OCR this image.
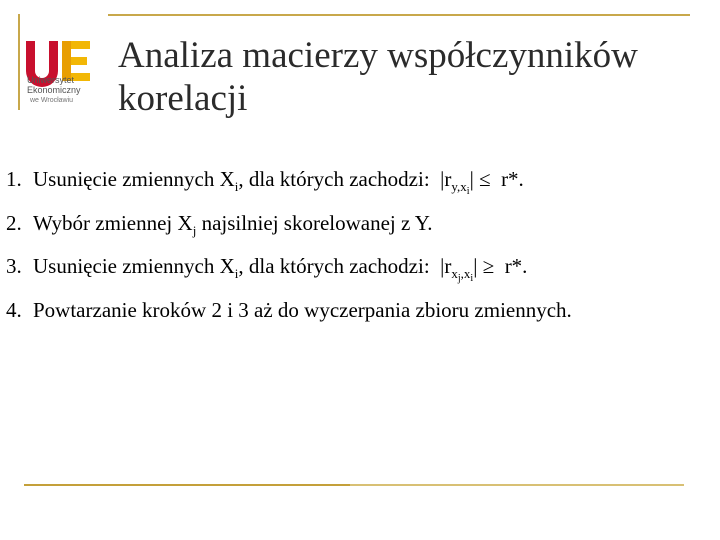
Uniwersytet
Ekonomiczny
we Wrocławiu
Analiza macierzy współczynników
korelacji
1. Usunięcie zmiennych $X_i$, dla których zachodzi: $|r_{y,x_i}| \le r*$.
2. Wybór zmiennej $X_j$ najsilniej skorelowanej z Y.
3. Usunięcie zmiennych $X_i$, dla których zachodzi: $|r_{x_j,x_i}| \ge r*$.
4. Powtarzanie kroków 2 i 3 aż do wyczerpania zbioru zmiennych.
